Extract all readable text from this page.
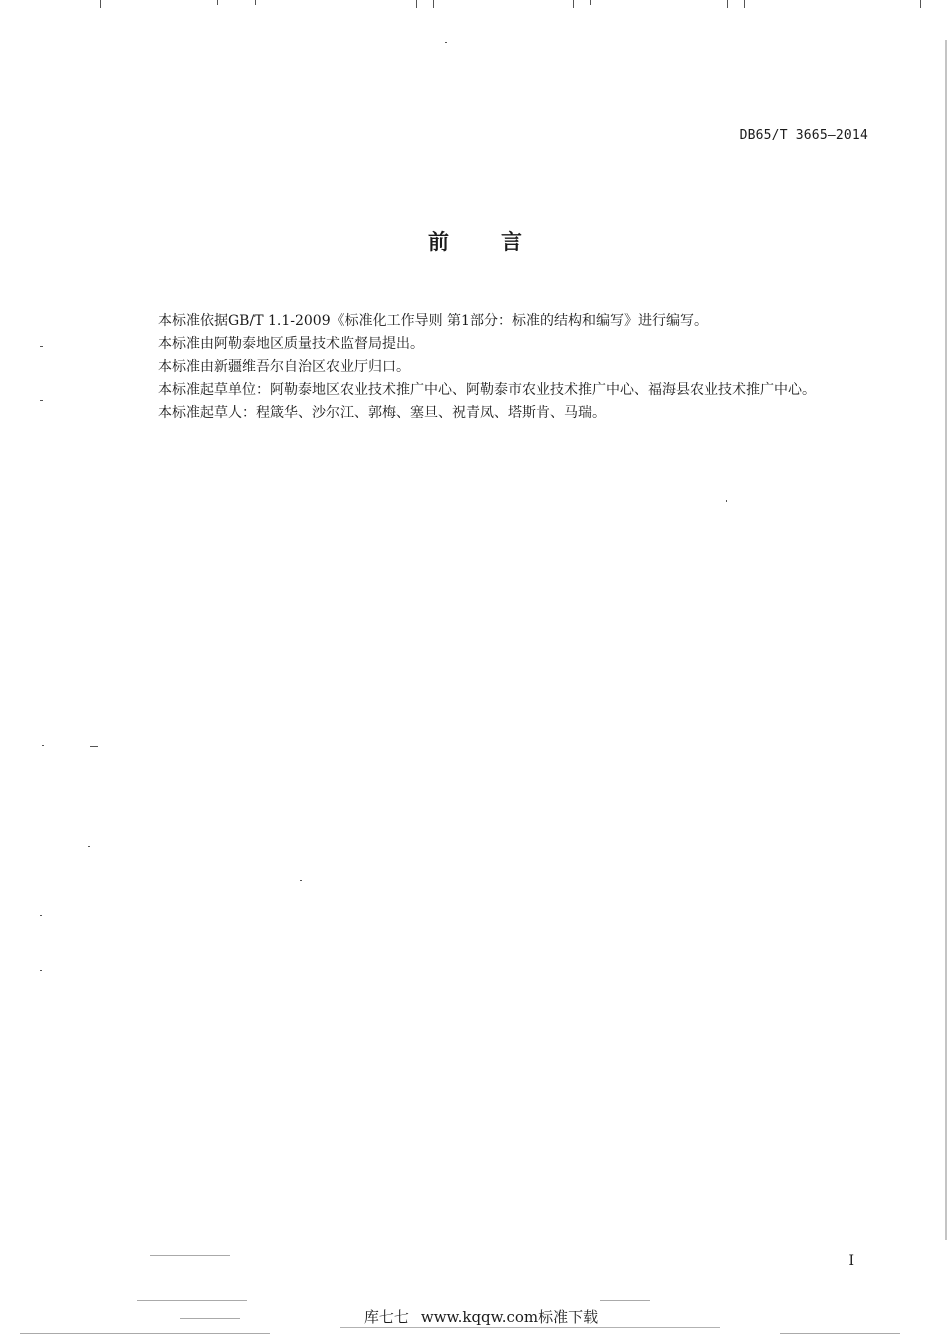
DB65/T 3665—2014
前言

本标准依据GB/T 1.1-2009《标准化工作导则 第1部分：标准的结构和编写》进行编写。

本标准由阿勒泰地区质量技术监督局提出。

本标准由新疆维吾尔自治区农业厅归口。

本标准起草单位：阿勒泰地区农业技术推广中心、阿勒泰市农业技术推广中心、福海县农业技术推广中心。

本标准起草人：程箴华、沙尔江、郭梅、塞旦、祝青凤、塔斯肯、马瑞。

I
库七七 www.kqqw.com标准下载
